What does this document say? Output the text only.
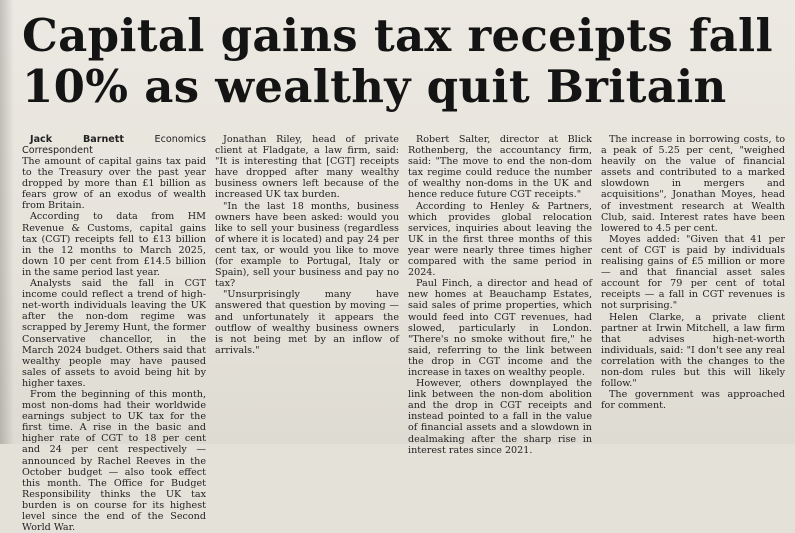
Capital gains tax receipts fall
10% as wealthy quit Britain

Jack Barnett	Economics Correspondent

The amount of capital gains tax paid to the Treasury over the past year dropped by more than £1 billion as fears grow of an exodus of wealth from Britain.

According to data from HM Revenue & Customs, capital gains tax (CGT) receipts fell to £13 billion in the 12 months to March 2025, down 10 per cent from £14.5 billion in the same period last year.

Analysts said the fall in CGT income could reflect a trend of high-net-worth individuals leaving the UK after the non-dom regime was scrapped by Jeremy Hunt, the former Conservative chancellor, in the March 2024 budget. Others said that wealthy people may have paused sales of assets to avoid being hit by higher taxes.

From the beginning of this month, most non-doms had their worldwide earnings subject to UK tax for the first time. A rise in the basic and higher rate of CGT to 18 per cent and 24 per cent respectively — announced by Rachel Reeves in the October budget — also took effect this month. The Office for Budget Responsibility thinks the UK tax burden is on course for its highest level since the end of the Second World War.

Jonathan Riley, head of private client at Fladgate, a law firm, said: "It is interesting that [CGT] receipts have dropped after many wealthy business owners left because of the increased UK tax burden.

"In the last 18 months, business owners have been asked: would you like to sell your business (regardless of where it is located) and pay 24 per cent tax, or would you like to move (for example to Portugal, Italy or Spain), sell your business and pay no tax?

"Unsurprisingly many have answered that question by moving — and unfortunately it appears the outflow of wealthy business owners is not being met by an inflow of arrivals."

Robert Salter, director at Blick Rothenberg, the accountancy firm, said: "The move to end the non-dom tax regime could reduce the number of wealthy non-doms in the UK and hence reduce future CGT receipts."

According to Henley & Partners, which provides global relocation services, inquiries about leaving the UK in the first three months of this year were nearly three times higher compared with the same period in 2024.

Paul Finch, a director and head of new homes at Beauchamp Estates, said sales of prime properties, which would feed into CGT revenues, had slowed, particularly in London. "There's no smoke without fire," he said, referring to the link between the drop in CGT income and the increase in taxes on wealthy people.

However, others downplayed the link between the non-dom abolition and the drop in CGT receipts and instead pointed to a fall in the value of financial assets and a slowdown in dealmaking after the sharp rise in interest rates since 2021.

The increase in borrowing costs, to a peak of 5.25 per cent, "weighed heavily on the value of financial assets and contributed to a marked slowdown in mergers and acquisitions", Jonathan Moyes, head of investment research at Wealth Club, said. Interest rates have been lowered to 4.5 per cent.

Moyes added: "Given that 41 per cent of CGT is paid by individuals realising gains of £5 million or more — and that financial asset sales account for 79 per cent of total receipts — a fall in CGT revenues is not surprising."

Helen Clarke, a private client partner at Irwin Mitchell, a law firm that advises high-net-worth individuals, said: "I don't see any real correlation with the changes to the non-dom rules but this will likely follow."

The government was approached for comment.
